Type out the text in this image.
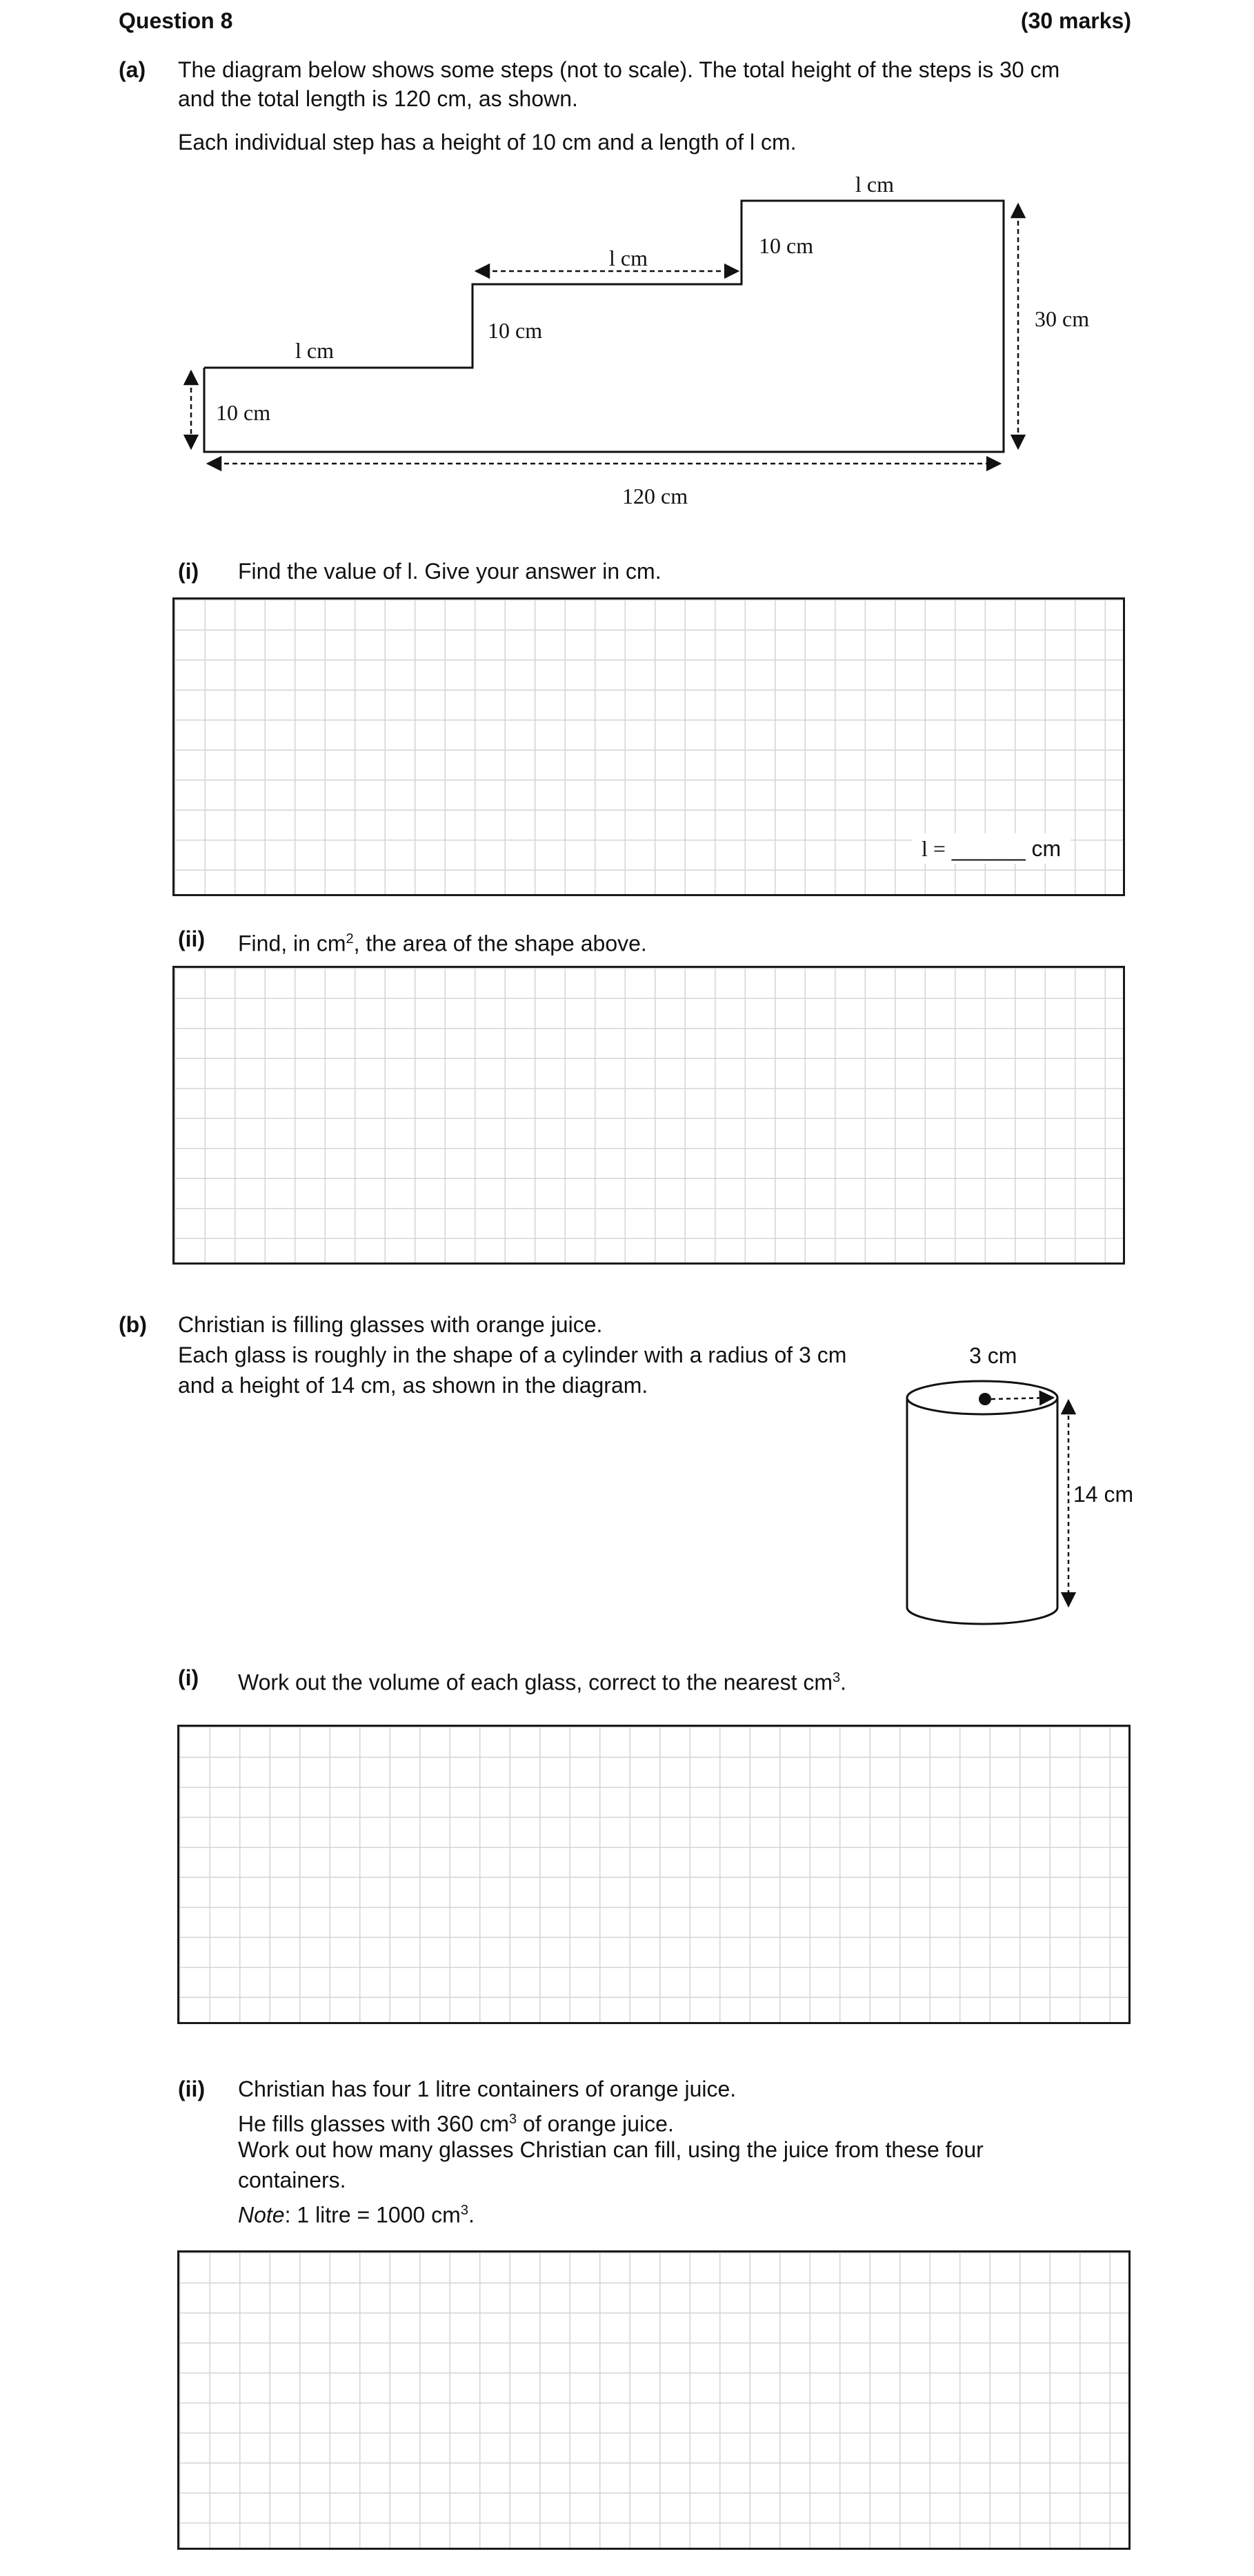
Question 8	(30 marks)
(a) The diagram below shows some steps (not to scale). The total height of the steps is 30 cm
and the total length is 120 cm, as shown.
Each individual step has a height of 10 cm and a length of l cm.
l cm
l cm
l cm
10 cm
10 cm
10 cm
30 cm
120 cm
(i) Find the value of l. Give your answer in cm.
l = ______ cm
(ii) Find, in $cm^2$, the area of the shape above.
(b) Christian is filling glasses with orange juice.
Each glass is roughly in the shape of a cylinder with a radius of 3 cm
and a height of 14 cm, as shown in the diagram.
3 cm
14 cm
(i) Work out the volume of each glass, correct to the nearest $cm^3$.
(ii) Christian has four 1 litre containers of orange juice.
He fills glasses with 360 $cm^3$ of orange juice.
Work out how many glasses Christian can fill, using the juice from these four
containers.
Note: 1 litre = 1000 $cm^3$.
